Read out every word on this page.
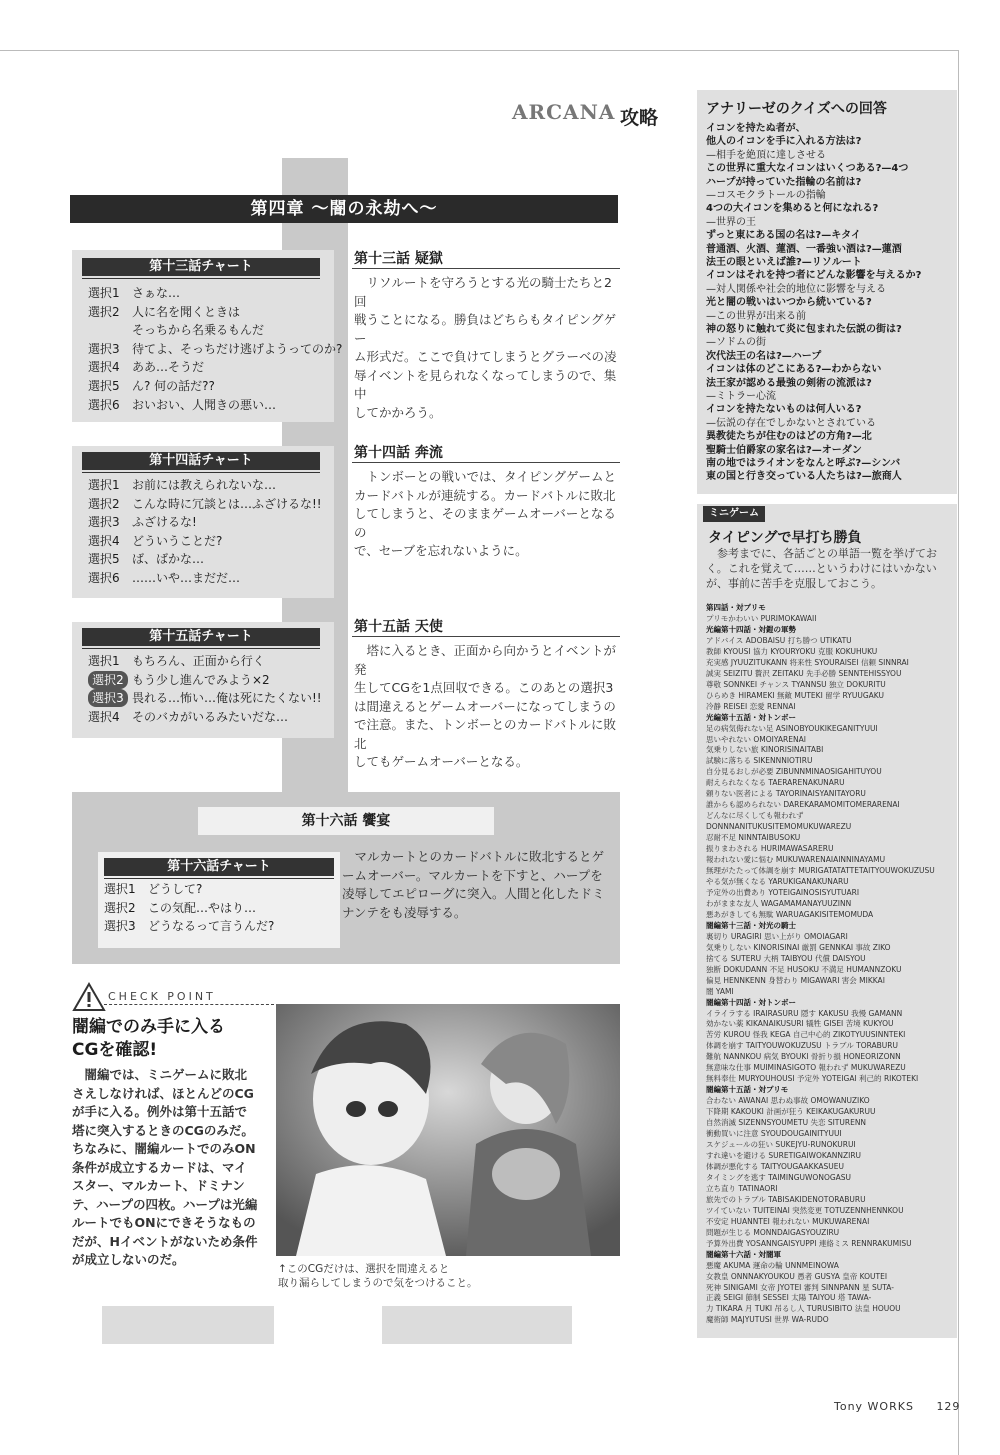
ARCANA 攻略
第四章 〜闇の永劫へ〜
第十三話チャート
選択1 さぁな…
選択2 人に名を聞くときは
そっちから名乗るもんだ
選択3 待てよ、そっちだけ逃げようってのか?
選択4 ああ…そうだ
選択5 ん? 何の話だ??
選択6 おいおい、人聞きの悪い…
第十四話チャート
選択1 お前には教えられないな…
選択2 こんな時に冗談とは…ふざけるな!!
選択3 ふざけるな!
選択4 どういうことだ?
選択5 ば、ばかな…
選択6 ……いや…まだだ…
第十五話チャート
選択1 もちろん、正面から行く
選択2 もう少し進んでみよう×2
選択3 畏れる…怖い…俺は死にたくない!!
選択4 そのバカがいるみたいだな…
第十三話 疑獄
リソルートを守ろうとする光の騎士たちと2回
戦うことになる。勝負はどちらもタイピングゲー
ム形式だ。ここで負けてしまうとグラーベの凌
辱イベントを見られなくなってしまうので、集中
してかかろう。
第十四話 奔流
トンボーとの戦いでは、タイピングゲームと
カードバトルが連続する。カードバトルに敗北
してしまうと、そのままゲームオーバーとなるの
で、セーブを忘れないように。
第十五話 天使
塔に入るとき、正面から向かうとイベントが発
生してCGを1点回収できる。このあとの選択3
は間違えるとゲームオーバーになってしまうの
で注意。また、トンボーとのカードバトルに敗北
してもゲームオーバーとなる。
第十六話 饗宴
第十六話チャート
選択1 どうして?
選択2 この気配…やはり…
選択3 どうなるって言うんだ?
マルカートとのカードバトルに敗北するとゲ
ームオーバー。マルカートを下すと、ハープを
凌辱してエピローグに突入。人間と化したドミ
ナンテをも凌辱する。
CHECK POINT
闇編でのみ手に入る
CGを確認!
闇編では、ミニゲームに敗北さえしなければ、ほとんどのCGが手に入る。例外は第十五話で塔に突入するときのCGのみだ。ちなみに、闇編ルートでのみON条件が成立するカードは、マイスター、マルカート、ドミナンテ、ハープの四枚。ハープは光編ルートでもONにできそうなものだが、Hイベントがないため条件が成立しないのだ。
↑このCGだけは、選択を間違えると
取り漏らしてしまうので気をつけること。
アナリーゼのクイズへの回答
イコンを持たぬ者が、
他人のイコンを手に入れる方法は?
—相手を絶頂に達しさせる
この世界に重大なイコンはいくつある?—4つ
ハープが持っていた指輪の名前は?
—コスモクラトールの指輪
4つの大イコンを集めると何になれる?
—世界の王
ずっと東にある国の名は?—キタイ
普通酒、火酒、蓮酒、一番強い酒は?—蓮酒
法王の眼といえば誰?—リソルート
イコンはそれを持つ者にどんな影響を与えるか?
—対人関係や社会的地位に影響を与える
光と闇の戦いはいつから続いている?
—この世界が出来る前
神の怒りに触れて炎に包まれた伝説の街は?
—ソドムの街
次代法王の名は?—ハープ
イコンは体のどこにある?—わからない
法王家が認める最強の剣術の流派は?
—ミトラー心流
イコンを持たないものは何人いる?
—伝説の存在でしかないとされている
異教徒たちが住むのはどの方角?—北
聖騎士伯爵家の家名は?—オーダン
南の地ではライオンをなんと呼ぶ?—シンバ
東の国と行き交っている人たちは?—旅商人
ミニゲーム
タイピングで早打ち勝負
参考までに、各話ごとの単語一覧を挙げておく。これを覚えて……というわけにはいかないが、事前に苦手を克服しておこう。
第四話・対プリモ
プリモかわいい PURIMOKAWAII
光編第十四話・対鎧の軍勢
アドバイス ADOBAISU 打ち勝つ UTIKATU
教師 KYOUSI 協力 KYOURYOKU 克服 KOKUHUKU
充実感 JYUUZITUKANN 将来性 SYOURAISEI 信頼 SINNRAI
誠実 SEIZITU 贅沢 ZEITAKU 先手必勝 SENNTEHISSYOU
尊敬 SONNKEI チャンス TYANNSU 独立 DOKURITU
ひらめき HIRAMEKI 無敵 MUTEKI 留学 RYUUGAKU
冷静 REISEI 恋愛 RENNAI
光編第十五話・対トンボー
足の病気侮れない足 ASINOBYOUKIKEGANITYUUI
思いやれない OMOIYARENAI
気乗りしない旅 KINORISINAITABI
試験に落ちる SIKENNNIOTIRU
自分見るおしが必要 ZIBUNNMINAOSIGAHITUYOU
耐えられなくなる TAERARENAKUNARU
頼りない医者による TAYORINAISYANITAYORU
誰からも認められない DAREKARAMOMITOMERARENAI
どんなに尽くしても報われず
DONNNANITUKUSITEMOMUKUWAREZU
忍耐不足 NINNTAIBUSOKU
振りまわされる HURIMAWASARERU
報われない愛に悩む MUKUWARENAIAINNINAYAMU
無理がたたって体調を崩す MURIGATATATTETAITYOUWOKUZUSU
やる気が無くなる YARUKIGANAKUNARU
予定外の出費あり YOTEIGAINOSISYUTUARI
わがままな友人 WAGAMAMANAYUUZINN
悪あがきしても無駄 WARUAGAKISITEMOMUDA
闇編第十三話・対光の騎士
裏切り URAGIRI 思い上がり OMOIAGARI
気乗りしない KINORISINAI 厳罰 GENNKAI 事故 ZIKO
捨てる SUTERU 大柄 TAIBYOU 代償 DAISYOU
独断 DOKUDANN 不足 HUSOKU 不満足 HUMANNZOKU
偏見 HENNKENN 身替わり MIGAWARI 害会 MIKKAI
闇 YAMI
闇編第十四話・対トンボー
イライラする IRAIRASURU 隠す KAKUSU 我慢 GAMANN
効かない薬 KIKANAIKUSURI 犠牲 GISEI 苦境 KUKYOU
苦労 KUROU 怪我 KEGA 自己中心的 ZIKOTYUUSINNTEKI
体調を崩す TAITYOUWOKUZUSU トラブル TORABURU
難航 NANNKOU 病気 BYOUKI 骨折り損 HONEORIZONN
無意味な仕事 MUIMINASIGOTO 報われず MUKUWAREZU
無料奉仕 MURYOUHOUSI 予定外 YOTEIGAI 利己的 RIKOTEKI
闇編第十五話・対プリモ
合わない AWANAI 思わぬ事故 OMOWANUZIKO
下降期 KAKOUKI 計画が狂う KEIKAKUGAKURUU
自然消滅 SIZENNSYOUMETU 失恋 SITURENN
衝動買いに注意 SYOUDOUGAINITYUUI
スケジュールの狂い SUKEJYU-RUNOKURUI
すれ違いを避ける SURETIGAIWOKANNZIRU
体調が悪化する TAITYOUGAAKKASUEU
タイミングを逃す TAIMINGUWONOGASU
立ち直り TATINAORI
旅先でのトラブル TABISAKIDENOTORABURU
ツイていない TUITEINAI 突然変更 TOTUZENNHENNKOU
不安定 HUANNTEI 報われない MUKUWARENAI
問題が生じる MONNDAIGASYOUZIRU
予算外出費 YOSANNGAISYUPPI 連絡ミス RENNRAKUMISU
闇編第十六話・対闇軍
悪魔 AKUMA 運命の輪 UNNMEINOWA
女教皇 ONNNAKYOUKOU 愚者 GUSYA 皇帝 KOUTEI
死神 SINIGAMI 女帝 JYOTEI 審判 SINNPANN 星 SUTA-
正義 SEIGI 節制 SESSEI 太陽 TAIYOU 塔 TAWA-
力 TIKARA 月 TUKI 吊るし人 TURUSIBITO 法皇 HOUOU
魔術師 MAJYUTUSI 世界 WA-RUDO
Tony WORKS 129
